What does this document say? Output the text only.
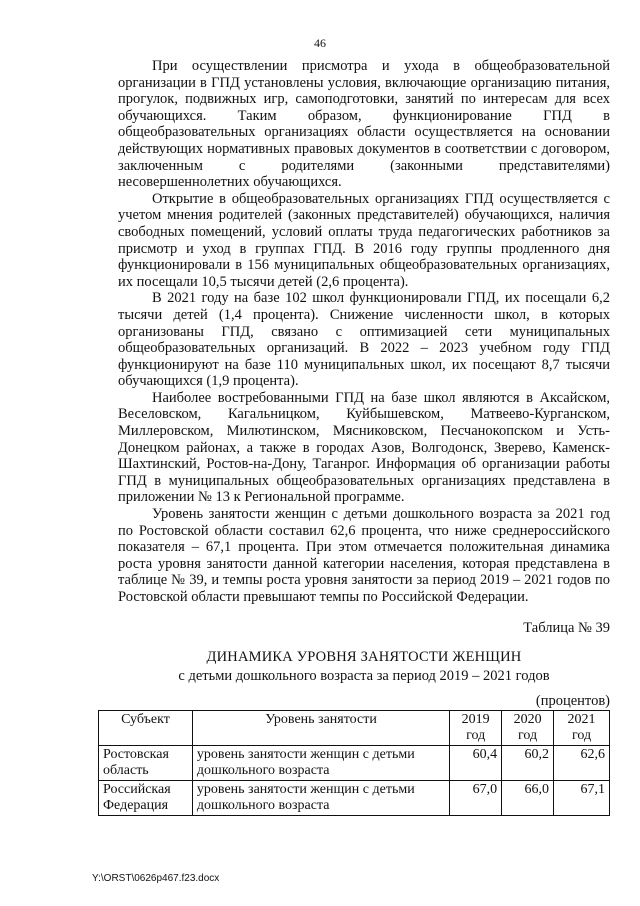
46

При осуществлении присмотра и ухода в общеобразовательной организации в ГПД установлены условия, включающие организацию питания, прогулок, подвижных игр, самоподготовки, занятий по интересам для всех обучающихся. Таким образом, функционирование ГПД в общеобразовательных организациях области осуществляется на основании действующих нормативных правовых документов в соответствии с договором, заключенным с родителями (законными представителями) несовершеннолетних обучающихся.

Открытие в общеобразовательных организациях ГПД осуществляется с учетом мнения родителей (законных представителей) обучающихся, наличия свободных помещений, условий оплаты труда педагогических работников за присмотр и уход в группах ГПД. В 2016 году группы продленного дня функционировали в 156 муниципальных общеобразовательных организациях, их посещали 10,5 тысячи детей (2,6 процента).

В 2021 году на базе 102 школ функционировали ГПД, их посещали 6,2 тысячи детей (1,4 процента). Снижение численности школ, в которых организованы ГПД, связано с оптимизацией сети муниципальных общеобразовательных организаций. В 2022 – 2023 учебном году ГПД функционируют на базе 110 муниципальных школ, их посещают 8,7 тысячи обучающихся (1,9 процента).

Наиболее востребованными ГПД на базе школ являются в Аксайском, Веселовском, Кагальницком, Куйбышевском, Матвеево-Курганском, Миллеровском, Милютинском, Мясниковском, Песчанокопском и Усть-Донецком районах, а также в городах Азов, Волгодонск, Зверево, Каменск-Шахтинский, Ростов-на-Дону, Таганрог. Информация об организации работы ГПД в муниципальных общеобразовательных организациях представлена в приложении № 13 к Региональной программе.

Уровень занятости женщин с детьми дошкольного возраста за 2021 год по Ростовской области составил 62,6 процента, что ниже среднероссийского показателя – 67,1 процента. При этом отмечается положительная динамика роста уровня занятости данной категории населения, которая представлена в таблице № 39, и темпы роста уровня занятости за период 2019 – 2021 годов по Ростовской области превышают темпы по Российской Федерации.

Таблица № 39
ДИНАМИКА УРОВНЯ ЗАНЯТОСТИ ЖЕНЩИН
с детьми дошкольного возраста за период 2019 – 2021 годов
(процентов)
Субъект	Уровень занятости	2019 год	2020 год	2021 год
Ростовская область	уровень занятости женщин с детьми дошкольного возраста	60,4	60,2	62,6
Российская Федерация	уровень занятости женщин с детьми дошкольного возраста	67,0	66,0	67,1
Y:\ORST\0626p467.f23.docx
